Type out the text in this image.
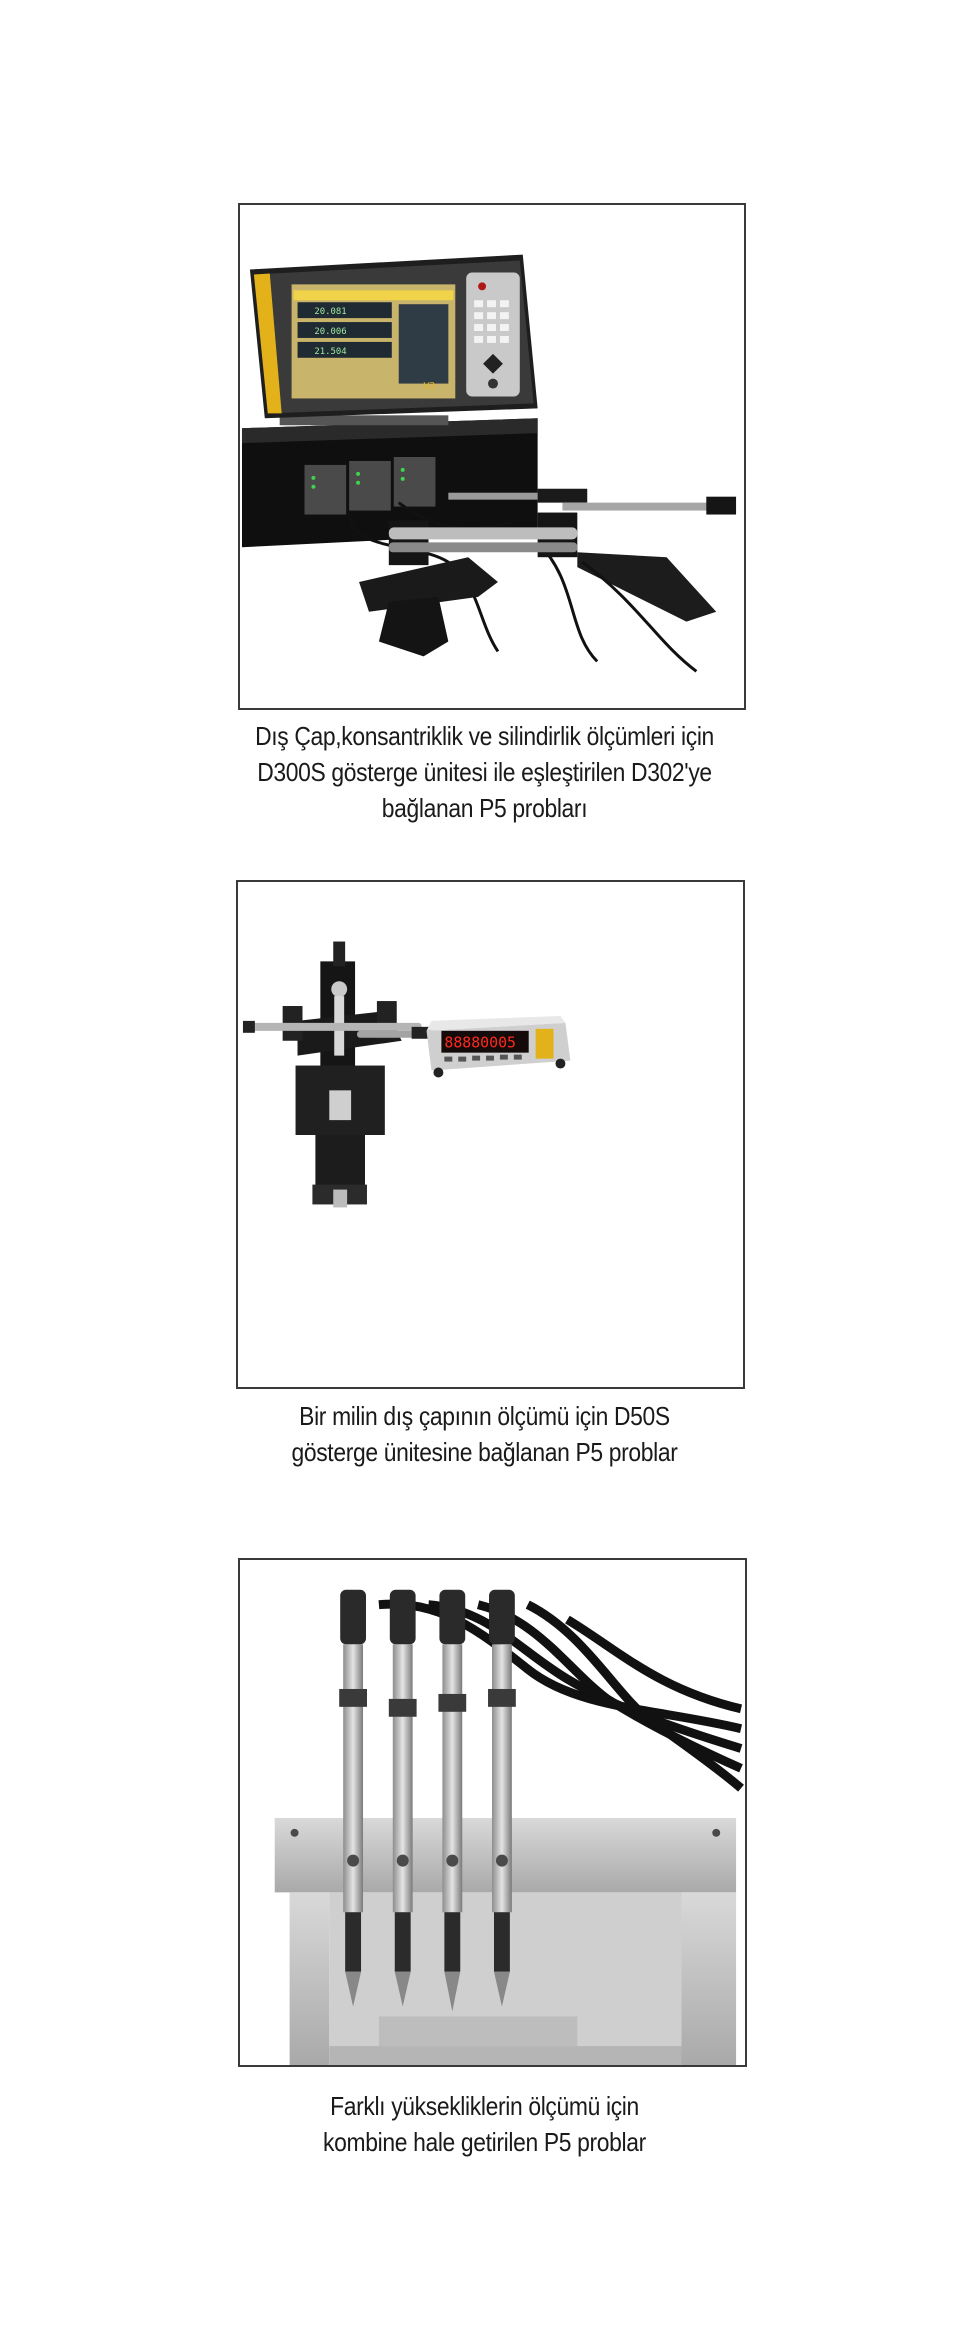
20.081
20.006
21.504
V2
Dış Çap,konsantriklik ve silindirlik ölçümleri için
D300S gösterge ünitesi ile eşleştirilen D302'ye
bağlanan P5 probları
88880005
Bir milin dış çapının ölçümü için D50S
gösterge ünitesine bağlanan P5 problar
Farklı yüksekliklerin ölçümü için
kombine hale getirilen P5 problar
